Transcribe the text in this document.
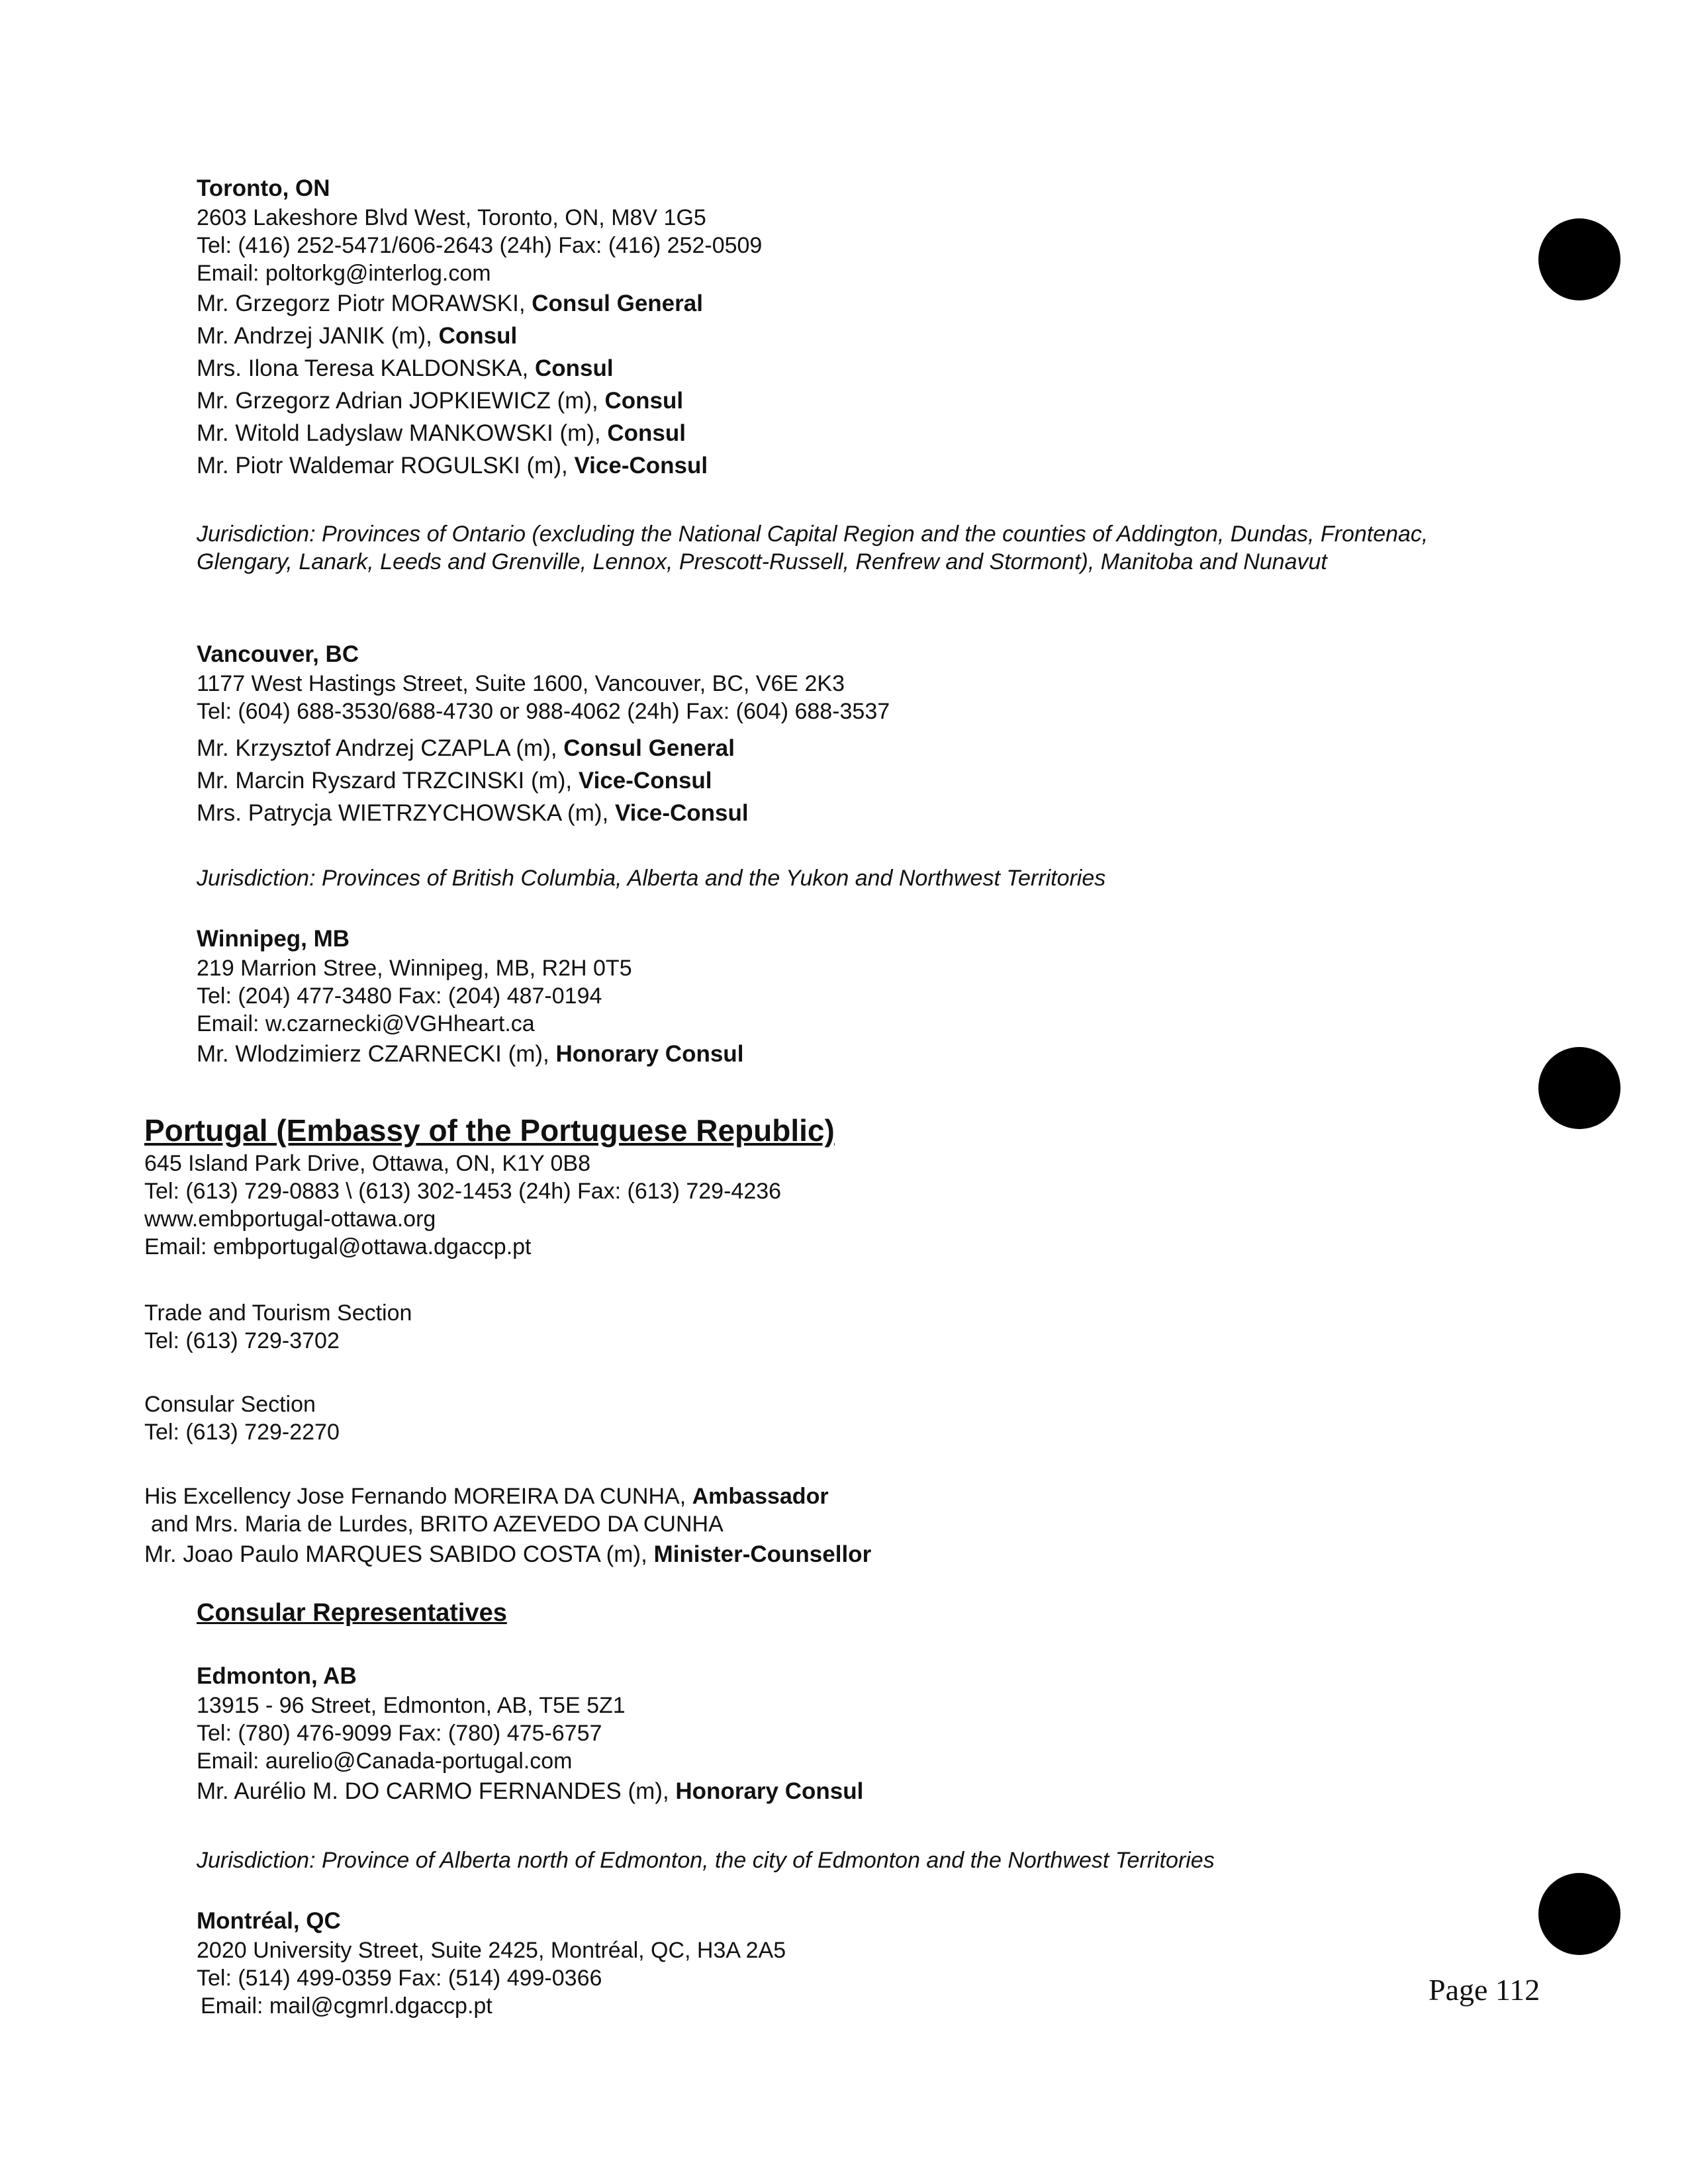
Toronto, ON
2603 Lakeshore Blvd West, Toronto, ON, M8V 1G5
Tel: (416) 252-5471/606-2643 (24h) Fax: (416) 252-0509
Email: poltorkg@interlog.com
Mr. Grzegorz Piotr MORAWSKI, Consul General
Mr. Andrzej JANIK (m), Consul
Mrs. Ilona Teresa KALDONSKA, Consul
Mr. Grzegorz Adrian JOPKIEWICZ (m), Consul
Mr. Witold Ladyslaw MANKOWSKI (m), Consul
Mr. Piotr Waldemar ROGULSKI (m), Vice-Consul
Jurisdiction: Provinces of Ontario (excluding the National Capital Region and the counties of Addington, Dundas, Frontenac, Glengary, Lanark, Leeds and Grenville, Lennox, Prescott-Russell, Renfrew and Stormont), Manitoba and Nunavut
Vancouver, BC
1177 West Hastings Street, Suite 1600, Vancouver, BC, V6E 2K3
Tel: (604) 688-3530/688-4730 or 988-4062 (24h) Fax: (604) 688-3537
Mr. Krzysztof Andrzej CZAPLA (m), Consul General
Mr. Marcin Ryszard TRZCINSKI (m), Vice-Consul
Mrs. Patrycja WIETRZYCHOWSKA (m), Vice-Consul
Jurisdiction: Provinces of British Columbia, Alberta and the Yukon and Northwest Territories
Winnipeg, MB
219 Marrion Stree, Winnipeg, MB, R2H 0T5
Tel: (204) 477-3480 Fax: (204) 487-0194
Email: w.czarnecki@VGHheart.ca
Mr. Wlodzimierz CZARNECKI (m), Honorary Consul
Portugal (Embassy of the Portuguese Republic)
645 Island Park Drive, Ottawa, ON, K1Y 0B8
Tel: (613) 729-0883 \ (613) 302-1453 (24h) Fax: (613) 729-4236
www.embportugal-ottawa.org
Email: embportugal@ottawa.dgaccp.pt
Trade and Tourism Section
Tel: (613) 729-3702
Consular Section
Tel: (613) 729-2270
His Excellency Jose Fernando MOREIRA DA CUNHA, Ambassador
and Mrs. Maria de Lurdes, BRITO AZEVEDO DA CUNHA
Mr. Joao Paulo MARQUES SABIDO COSTA (m), Minister-Counsellor
Consular Representatives
Edmonton, AB
13915 - 96 Street, Edmonton, AB, T5E 5Z1
Tel: (780) 476-9099 Fax: (780) 475-6757
Email: aurelio@Canada-portugal.com
Mr. Aurélio M. DO CARMO FERNANDES (m), Honorary Consul
Jurisdiction: Province of Alberta north of Edmonton, the city of Edmonton and the Northwest Territories
Montréal, QC
2020 University Street, Suite 2425, Montréal, QC, H3A 2A5
Tel: (514) 499-0359 Fax: (514) 499-0366
Email: mail@cgmrl.dgaccp.pt	Page 112
